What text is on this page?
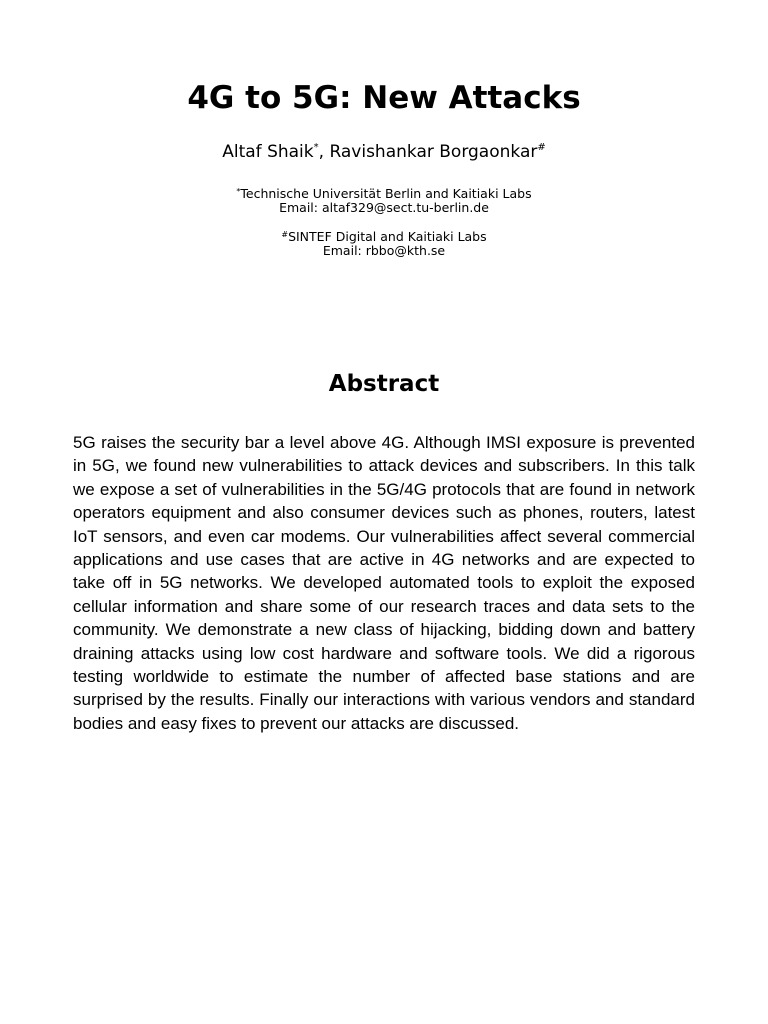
4G to 5G: New Attacks
Altaf Shaik*, Ravishankar Borgaonkar#
*Technische Universität Berlin and Kaitiaki Labs
Email: altaf329@sect.tu-berlin.de
#SINTEF Digital and Kaitiaki Labs
Email: rbbo@kth.se
Abstract

5G raises the security bar a level above 4G. Although IMSI exposure is prevented in 5G, we found new vulnerabilities to attack devices and subscribers. In this talk we expose a set of vulnerabilities in the 5G/4G protocols that are found in network operators equipment and also consumer devices such as phones, routers, latest IoT sensors, and even car modems. Our vulnerabilities affect several commercial applications and use cases that are active in 4G networks and are expected to take off in 5G networks. We developed automated tools to exploit the exposed cellular information and share some of our research traces and data sets to the community. We demonstrate a new class of hijacking, bidding down and battery draining attacks using low cost hardware and software tools. We did a rigorous testing worldwide to estimate the number of affected base stations and are surprised by the results. Finally our interactions with various vendors and standard bodies and easy fixes to prevent our attacks are discussed.
